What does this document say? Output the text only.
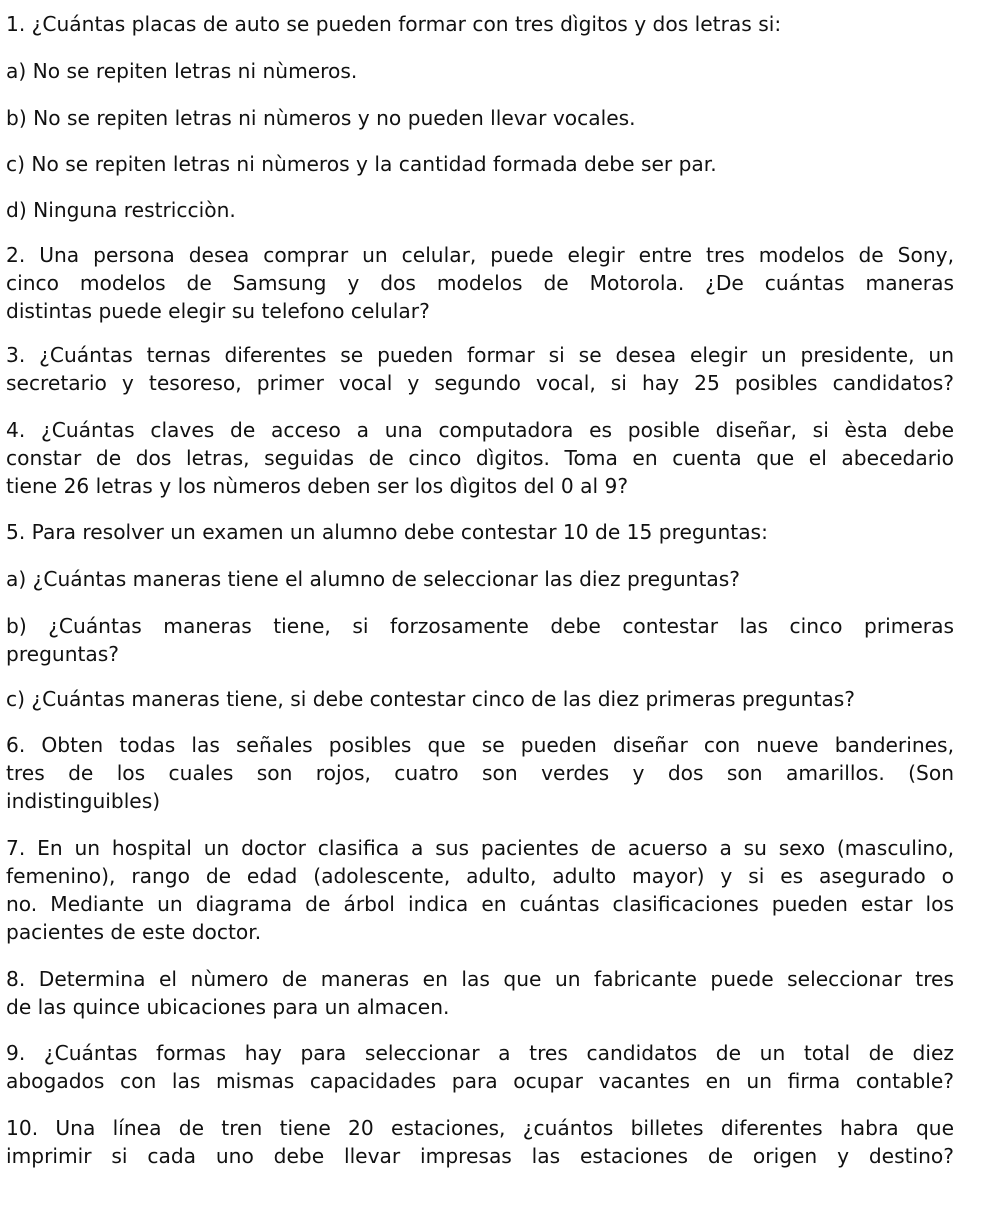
1. ¿Cuántas placas de auto se pueden formar con tres dìgitos y dos letras si:
a) No se repiten letras ni nùmeros.
b) No se repiten letras ni nùmeros y no pueden llevar vocales.
c) No se repiten letras ni nùmeros y la cantidad formada debe ser par.
d) Ninguna restricciòn.
2. Una persona desea comprar un celular, puede elegir entre tres modelos de Sony,
cinco modelos de Samsung y dos modelos de Motorola. ¿De cuántas maneras
distintas puede elegir su telefono celular?
3. ¿Cuántas ternas diferentes se pueden formar si se desea elegir un presidente, un
secretario y tesoreso, primer vocal y segundo vocal, si hay 25 posibles candidatos?
4. ¿Cuántas claves de acceso a una computadora es posible diseñar, si èsta debe
constar de dos letras, seguidas de cinco dìgitos. Toma en cuenta que el abecedario
tiene 26 letras y los nùmeros deben ser los dìgitos del 0 al 9?
5. Para resolver un examen un alumno debe contestar 10 de 15 preguntas:
a) ¿Cuántas maneras tiene el alumno de seleccionar las diez preguntas?
b) ¿Cuántas maneras tiene, si forzosamente debe contestar las cinco primeras
preguntas?
c) ¿Cuántas maneras tiene, si debe contestar cinco de las diez primeras preguntas?
6. Obten todas las señales posibles que se pueden diseñar con nueve banderines,
tres de los cuales son rojos, cuatro son verdes y dos son amarillos. (Son
indistinguibles)
7. En un hospital un doctor clasifica a sus pacientes de acuerso a su sexo (masculino,
femenino), rango de edad (adolescente, adulto, adulto mayor) y si es asegurado o
no. Mediante un diagrama de árbol indica en cuántas clasificaciones pueden estar los
pacientes de este doctor.
8. Determina el nùmero de maneras en las que un fabricante puede seleccionar tres
de las quince ubicaciones para un almacen.
9. ¿Cuántas formas hay para seleccionar a tres candidatos de un total de diez
abogados con las mismas capacidades para ocupar vacantes en un firma contable?
10. Una línea de tren tiene 20 estaciones, ¿cuántos billetes diferentes habra que
imprimir si cada uno debe llevar impresas las estaciones de origen y destino?
